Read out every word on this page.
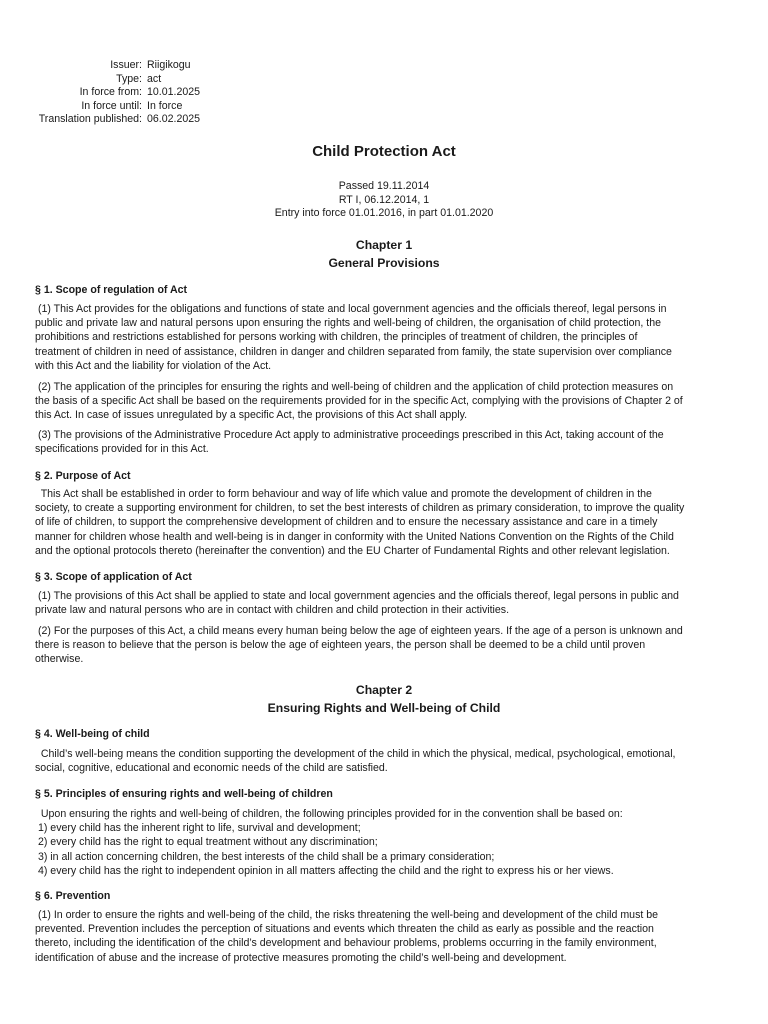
Issuer: Riigikogu
Type: act
In force from: 10.01.2025
In force until: In force
Translation published: 06.02.2025
Child Protection Act
Passed 19.11.2014
RT I, 06.12.2014, 1
Entry into force 01.01.2016, in part 01.01.2020
Chapter 1
General Provisions
§ 1. Scope of regulation of Act
(1) This Act provides for the obligations and functions of state and local government agencies and the officials thereof, legal persons in
public and private law and natural persons upon ensuring the rights and well-being of children, the organisation of child protection, the
prohibitions and restrictions established for persons working with children, the principles of treatment of children, the principles of
treatment of children in need of assistance, children in danger and children separated from family, the state supervision over compliance
with this Act and the liability for violation of the Act.
(2) The application of the principles for ensuring the rights and well-being of children and the application of child protection measures on
the basis of a specific Act shall be based on the requirements provided for in the specific Act, complying with the provisions of Chapter 2 of
this Act. In case of issues unregulated by a specific Act, the provisions of this Act shall apply.
(3) The provisions of the Administrative Procedure Act apply to administrative proceedings prescribed in this Act, taking account of the
specifications provided for in this Act.
§ 2. Purpose of Act
This Act shall be established in order to form behaviour and way of life which value and promote the development of children in the
society, to create a supporting environment for children, to set the best interests of children as primary consideration, to improve the quality
of life of children, to support the comprehensive development of children and to ensure the necessary assistance and care in a timely
manner for children whose health and well-being is in danger in conformity with the United Nations Convention on the Rights of the Child
and the optional protocols thereto (hereinafter the convention) and the EU Charter of Fundamental Rights and other relevant legislation.
§ 3. Scope of application of Act
(1) The provisions of this Act shall be applied to state and local government agencies and the officials thereof, legal persons in public and
private law and natural persons who are in contact with children and child protection in their activities.
(2) For the purposes of this Act, a child means every human being below the age of eighteen years. If the age of a person is unknown and
there is reason to believe that the person is below the age of eighteen years, the person shall be deemed to be a child until proven
otherwise.
Chapter 2
Ensuring Rights and Well-being of Child
§ 4. Well-being of child
Child’s well-being means the condition supporting the development of the child in which the physical, medical, psychological, emotional,
social, cognitive, educational and economic needs of the child are satisfied.
§ 5. Principles of ensuring rights and well-being of children
Upon ensuring the rights and well-being of children, the following principles provided for in the convention shall be based on:
1) every child has the inherent right to life, survival and development;
2) every child has the right to equal treatment without any discrimination;
3) in all action concerning children, the best interests of the child shall be a primary consideration;
4) every child has the right to independent opinion in all matters affecting the child and the right to express his or her views.
§ 6. Prevention
(1) In order to ensure the rights and well-being of the child, the risks threatening the well-being and development of the child must be
prevented. Prevention includes the perception of situations and events which threaten the child as early as possible and the reaction
thereto, including the identification of the child’s development and behaviour problems, problems occurring in the family environment,
identification of abuse and the increase of protective measures promoting the child’s well-being and development.
